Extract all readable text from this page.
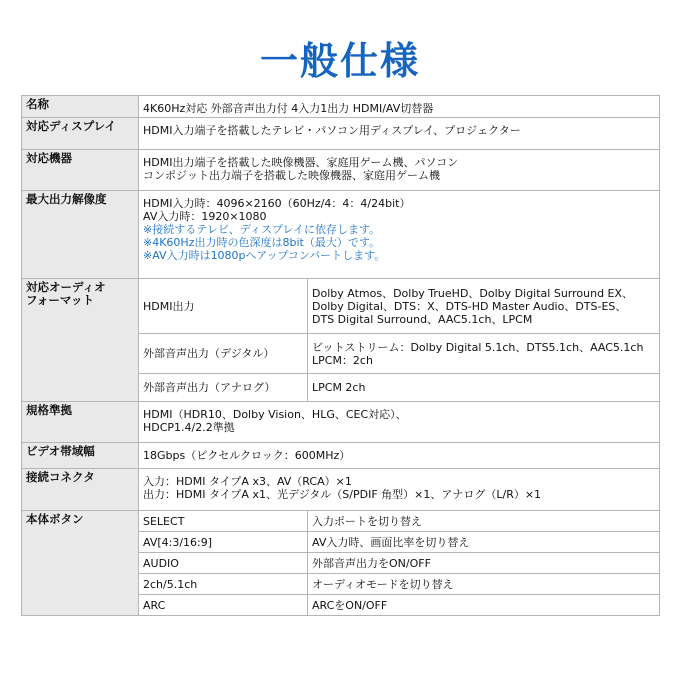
一般仕様
名称	4K60Hz対応 外部音声出力付 4入力1出力 HDMI/AV切替器	
対応ディスプレイ	HDMI入力端子を搭載したテレビ・パソコン用ディスプレイ、プロジェクター	
対応機器	HDMI出力端子を搭載した映像機器、家庭用ゲーム機、パソコン
コンポジット出力端子を搭載した映像機器、家庭用ゲーム機	

最大出力解像度	HDMI入力時：4096×2160（60Hz/4：4：4/24bit）
AV入力時：1920×1080
※接続するテレビ、ディスプレイに依存します。
※4K60Hz出力時の色深度は8bit（最大）です。
※AV入力時は1080pへアップコンバートします。	

対応オーディオ
フォーマット	HDMI出力	Dolby Atmos、Dolby TrueHD、Dolby Digital Surround EX、
Dolby Digital、DTS：X、DTS-HD Master Audio、DTS-ES、
DTS Digital Surround、AAC5.1ch、LPCM

	外部音声出力（デジタル）	ビットストリーム：Dolby Digital 5.1ch、DTS5.1ch、AAC5.1ch
LPCM：2ch

	外部音声出力（アナログ）	LPCM 2ch
規格準拠	HDMI（HDR10、Dolby Vision、HLG、CEC対応）、
HDCP1.4/2.2準拠	

ビデオ帯域幅	18Gbps（ピクセルクロック：600MHz）	
接続コネクタ	入力：HDMI タイプA x3、AV（RCA）×1
出力：HDMI タイプA x1、光デジタル（S/PDIF 角型）×1、アナログ（L/R）×1	

本体ボタン	SELECT	入力ポートを切り替え
	AV[4:3/16:9]	AV入力時、画面比率を切り替え
	AUDIO	外部音声出力をON/OFF
	2ch/5.1ch	オーディオモードを切り替え
	ARC	ARCをON/OFF
